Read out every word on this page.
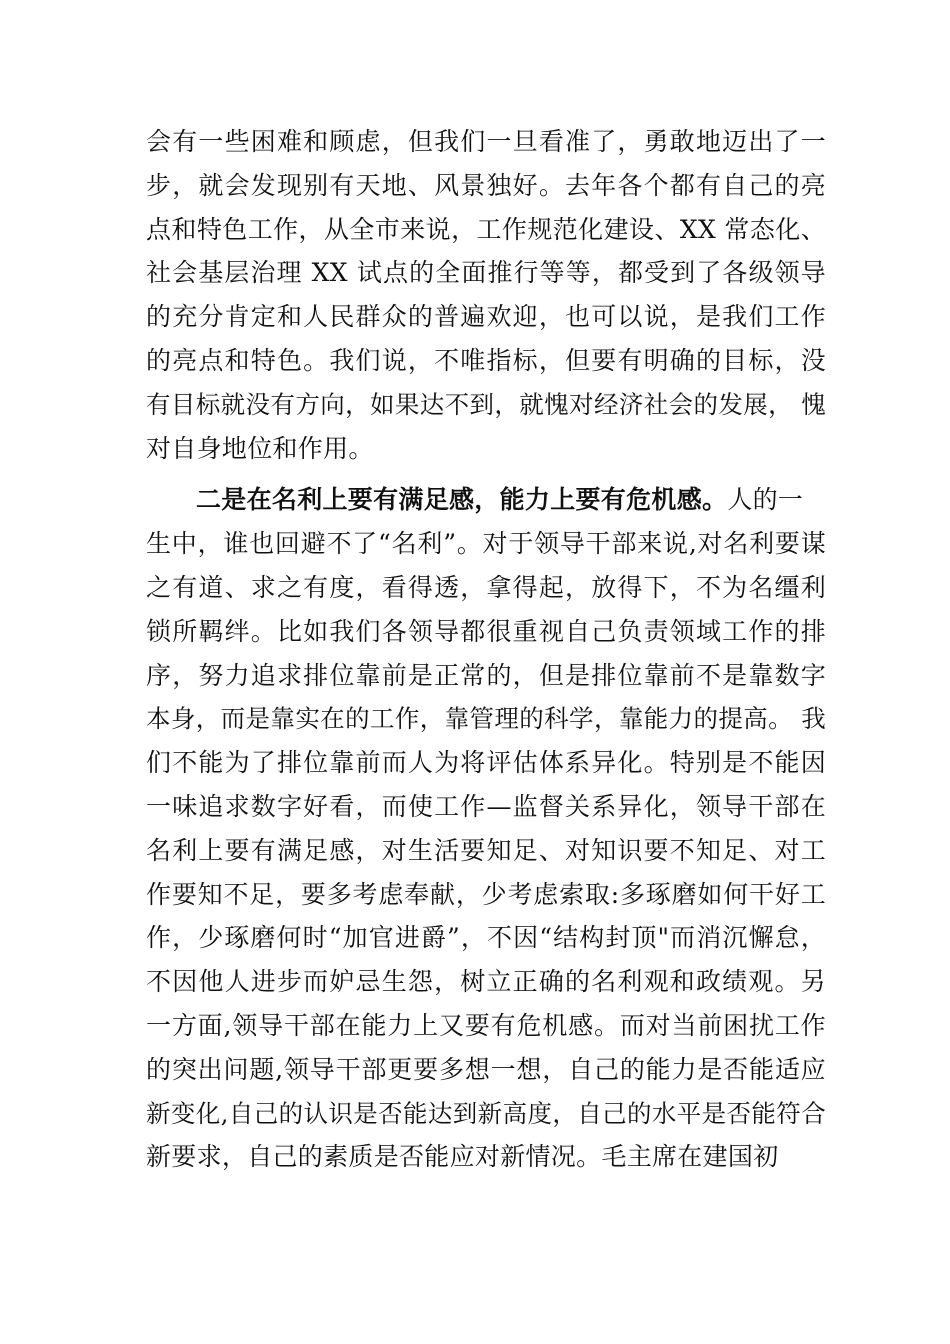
会有一些困难和顾虑，但我们一旦看准了，勇敢地迈出了一
步，就会发现别有天地、风景独好。去年各个都有自己的亮
点和特色工作，从全市来说，工作规范化建设、XX 常态化、
社会基层治理 XX 试点的全面推行等等，都受到了各级领导
的充分肯定和人民群众的普遍欢迎，也可以说，是我们工作
的亮点和特色。我们说，不唯指标，但要有明确的目标，没
有目标就没有方向，如果达不到，就愧对经济社会的发展， 愧
对自身地位和作用。
二是在名利上要有满足感，能力上要有危机感。人的一
生中，谁也回避不了“名利”。对于领导干部来说,对名利要谋
之有道、求之有度，看得透，拿得起，放得下，不为名缰利
锁所羁绊。比如我们各领导都很重视自己负责领域工作的排
序，努力追求排位靠前是正常的，但是排位靠前不是靠数字
本身，而是靠实在的工作，靠管理的科学，靠能力的提高。 我
们不能为了排位靠前而人为将评估体系异化。特别是不能因
一味追求数字好看，而使工作—监督关系异化，领导干部在
名利上要有满足感，对生活要知足、对知识要不知足、对工
作要知不足，要多考虑奉献，少考虑索取:多琢磨如何干好工
作，少琢磨何时“加官进爵”，不因“结构封顶"而消沉懈怠，
不因他人进步而妒忌生怨，树立正确的名利观和政绩观。另
一方面,领导干部在能力上又要有危机感。而对当前困扰工作
的突出问题,领导干部更要多想一想，自己的能力是否能适应
新变化,自己的认识是否能达到新高度，自己的水平是否能符合
新要求，自己的素质是否能应对新情况。毛主席在建国初
